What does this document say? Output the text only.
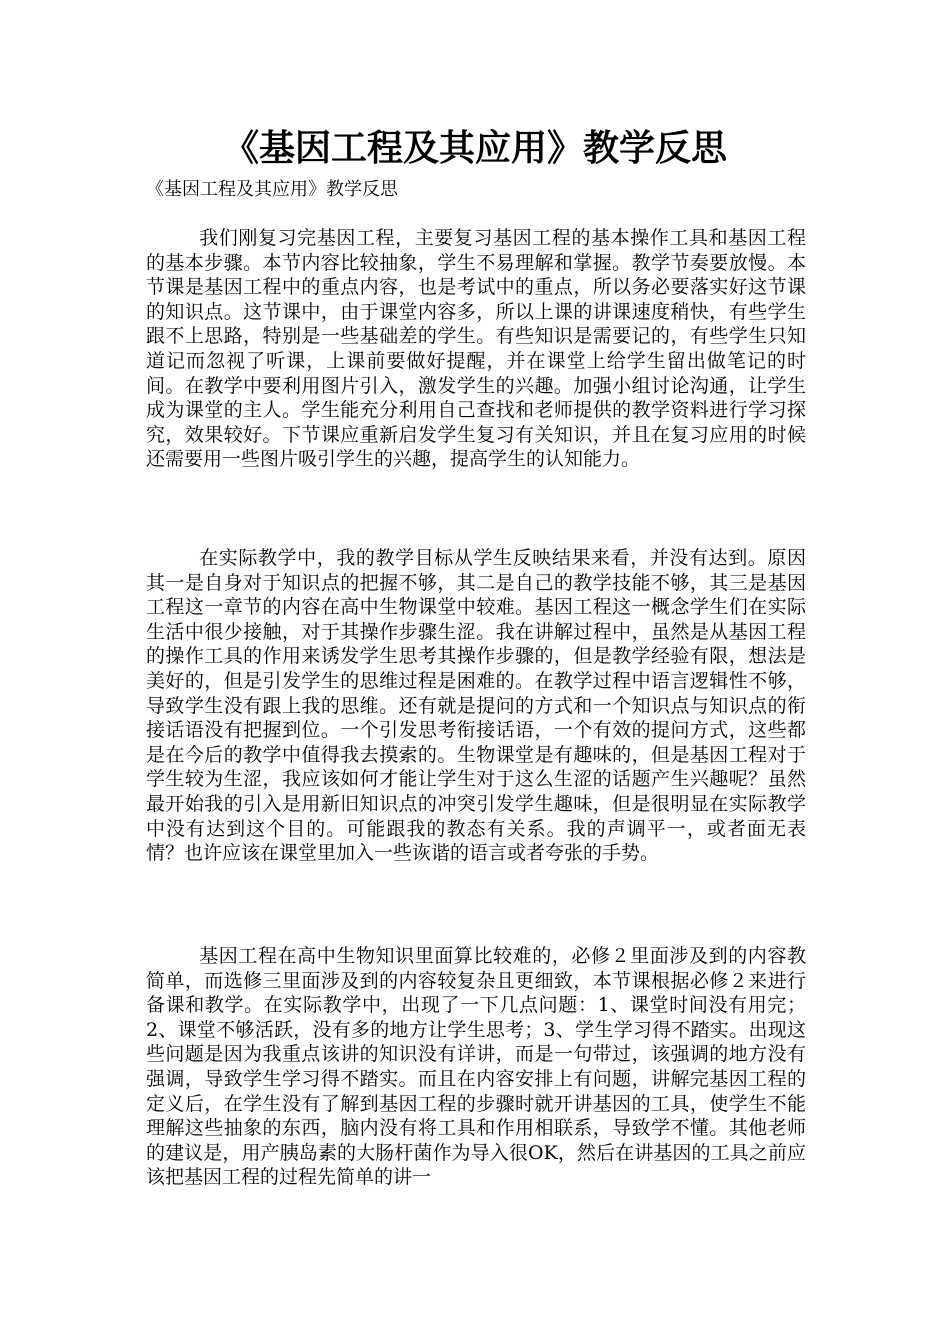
《基因工程及其应用》教学反思

《基因工程及其应用》教学反思

我们刚复习完基因工程，主要复习基因工程的基本操作工具和基因工程的基本步骤。本节内容比较抽象，学生不易理解和掌握。教学节奏要放慢。本节课是基因工程中的重点内容，也是考试中的重点，所以务必要落实好这节课的知识点。这节课中，由于课堂内容多，所以上课的讲课速度稍快，有些学生跟不上思路，特别是一些基础差的学生。有些知识是需要记的，有些学生只知道记而忽视了听课，上课前要做好提醒，并在课堂上给学生留出做笔记的时间。在教学中要利用图片引入，激发学生的兴趣。加强小组讨论沟通，让学生成为课堂的主人。学生能充分利用自己查找和老师提供的教学资料进行学习探究，效果较好。下节课应重新启发学生复习有关知识，并且在复习应用的时候还需要用一些图片吸引学生的兴趣，提高学生的认知能力。

在实际教学中，我的教学目标从学生反映结果来看，并没有达到。原因其一是自身对于知识点的把握不够，其二是自己的教学技能不够，其三是基因工程这一章节的内容在高中生物课堂中较难。基因工程这一概念学生们在实际生活中很少接触，对于其操作步骤生涩。我在讲解过程中，虽然是从基因工程的操作工具的作用来诱发学生思考其操作步骤的，但是教学经验有限，想法是美好的，但是引发学生的思维过程是困难的。在教学过程中语言逻辑性不够，导致学生没有跟上我的思维。还有就是提问的方式和一个知识点与知识点的衔接话语没有把握到位。一个引发思考衔接话语，一个有效的提问方式，这些都是在今后的教学中值得我去摸索的。生物课堂是有趣味的，但是基因工程对于学生较为生涩，我应该如何才能让学生对于这么生涩的话题产生兴趣呢？虽然最开始我的引入是用新旧知识点的冲突引发学生趣味，但是很明显在实际教学中没有达到这个目的。可能跟我的教态有关系。我的声调平一，或者面无表情？也许应该在课堂里加入一些诙谐的语言或者夸张的手势。

基因工程在高中生物知识里面算比较难的，必修２里面涉及到的内容教简单，而选修三里面涉及到的内容较复杂且更细致，本节课根据必修２来进行备课和教学。在实际教学中，出现了一下几点问题：1、课堂时间没有用完；2、课堂不够活跃，没有多的地方让学生思考；3、学生学习得不踏实。出现这些问题是因为我重点该讲的知识没有详讲，而是一句带过，该强调的地方没有强调，导致学生学习得不踏实。而且在内容安排上有问题，讲解完基因工程的定义后，在学生没有了解到基因工程的步骤时就开讲基因的工具，使学生不能理解这些抽象的东西，脑内没有将工具和作用相联系，导致学不懂。其他老师的建议是，用产胰岛素的大肠杆菌作为导入很OK，然后在讲基因的工具之前应该把基因工程的过程先简单的讲一
